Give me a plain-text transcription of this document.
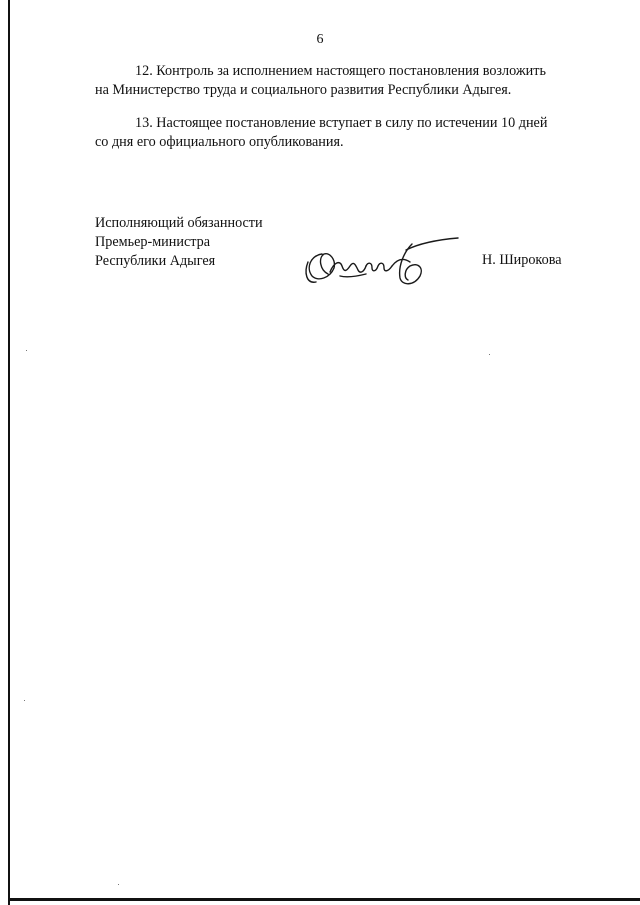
6
12. Контроль за исполнением настоящего постановления возложить
на Министерство труда и социального развития Республики Адыгея.
13. Настоящее постановление вступает в силу по истечении 10 дней
со дня его официального опубликования.
Исполняющий обязанности
Премьер-министра
Республики Адыгея	Н. Широкова
